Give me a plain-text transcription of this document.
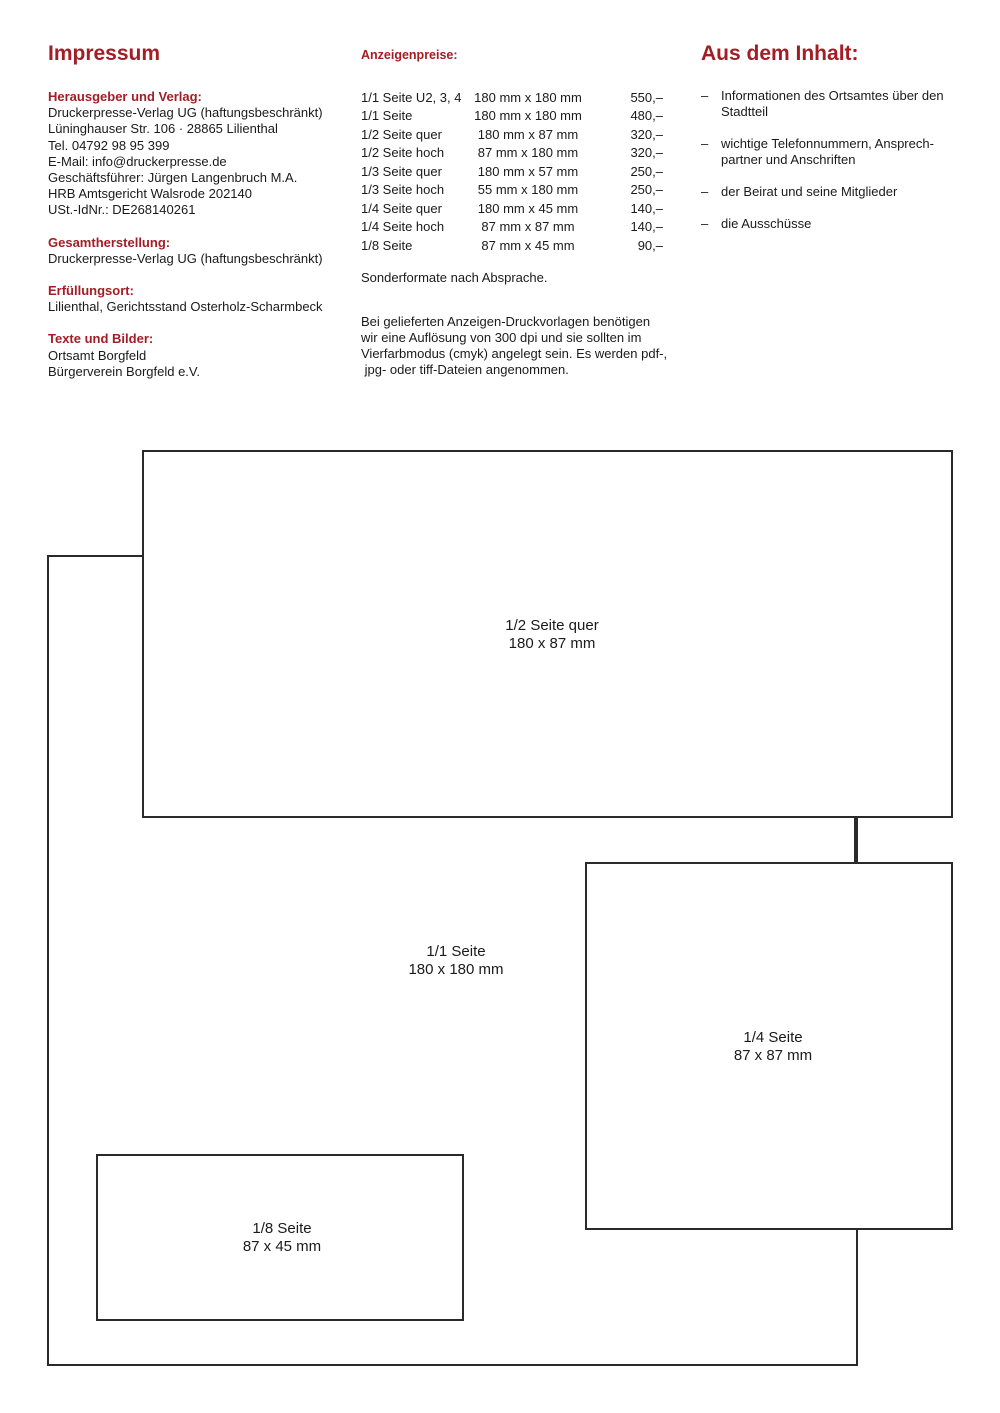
Impressum
Herausgeber und Verlag:
Druckerpresse-Verlag UG (haftungsbeschränkt)
Lüninghauser Str. 106 · 28865 Lilienthal
Tel. 04792 98 95 399
E-Mail: info@druckerpresse.de
Geschäftsführer: Jürgen Langenbruch M.A.
HRB Amtsgericht Walsrode 202140
USt.-IdNr.: DE268140261
Gesamtherstellung:
Druckerpresse-Verlag UG (haftungsbeschränkt)
Erfüllungsort:
Lilienthal, Gerichtsstand Osterholz-Scharmbeck
Texte und Bilder:
Ortsamt Borgfeld
Bürgerverein Borgfeld e.V.
Anzeigenpreise:
1/1 Seite U2, 3, 4	180 mm x 180 mm	550,–
1/1 Seite	180 mm x 180 mm	480,–
1/2 Seite quer	180 mm x 87 mm	320,–
1/2 Seite hoch	87 mm x 180 mm	320,–
1/3 Seite quer	180 mm x 57 mm	250,–
1/3 Seite hoch	55 mm x 180 mm	250,–
1/4 Seite quer	180 mm x 45 mm	140,–
1/4 Seite hoch	87 mm x 87 mm	140,–
1/8 Seite	87 mm x 45 mm	90,–
Sonderformate nach Absprache.
Bei gelieferten Anzeigen-Druckvorlagen benötigen
wir eine Auflösung von 300 dpi und sie sollten im
Vierfarbmodus (cmyk) angelegt sein. Es werden pdf-,
jpg- oder tiff-Dateien angenommen.
Aus dem Inhalt:
– Informationen des Ortsamtes über den
Stadtteil
– wichtige Telefonnummern, Ansprech-
partner und Anschriften
– der Beirat und seine Mitglieder
– die Ausschüsse
1/2 Seite quer
180 x 87 mm
1/1 Seite
180 x 180 mm
1/4 Seite
87 x 87 mm
1/8 Seite
87 x 45 mm
